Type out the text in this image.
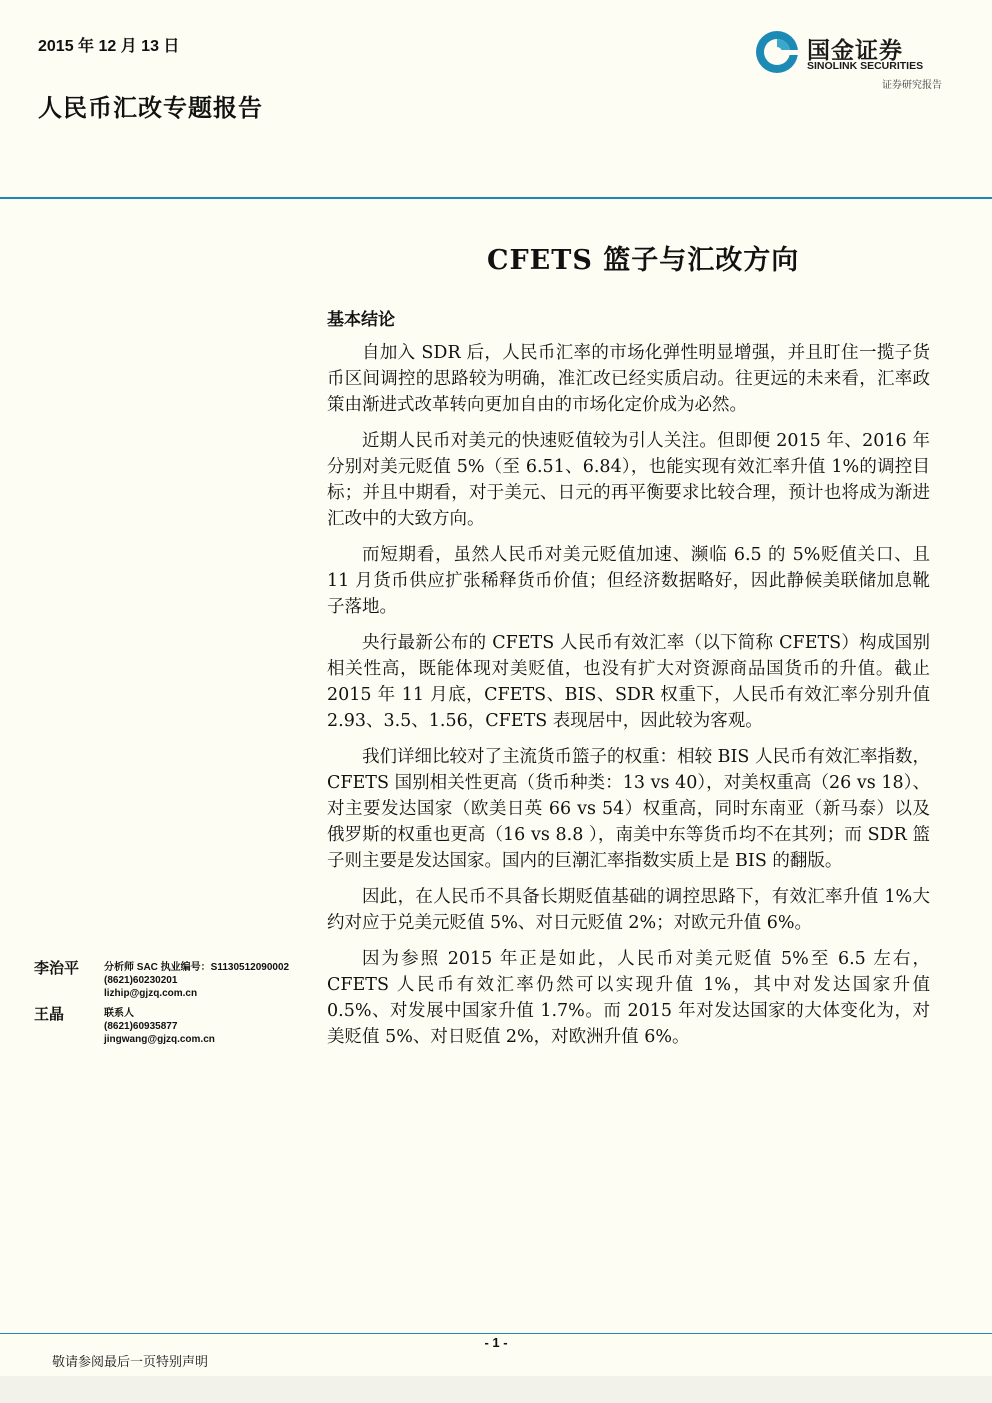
2015 年 12 月 13 日
人民币汇改专题报告
国金证券
SINOLINK SECURITIES
证券研究报告
CFETS 篮子与汇改方向
基本结论

自加入 SDR 后，人民币汇率的市场化弹性明显增强，并且盯住一揽子货币区间调控的思路较为明确，准汇改已经实质启动。往更远的未来看，汇率政策由渐进式改革转向更加自由的市场化定价成为必然。

近期人民币对美元的快速贬值较为引人关注。但即便 2015 年、2016 年分别对美元贬值 5%（至 6.51、6.84），也能实现有效汇率升值 1%的调控目标；并且中期看，对于美元、日元的再平衡要求比较合理，预计也将成为渐进汇改中的大致方向。

而短期看，虽然人民币对美元贬值加速、濒临 6.5 的 5%贬值关口、且 11 月货币供应扩张稀释货币价值；但经济数据略好，因此静候美联储加息靴子落地。

央行最新公布的 CFETS 人民币有效汇率（以下简称 CFETS）构成国别相关性高，既能体现对美贬值，也没有扩大对资源商品国货币的升值。截止 2015 年 11 月底，CFETS、BIS、SDR 权重下，人民币有效汇率分别升值 2.93、3.5、1.56，CFETS 表现居中，因此较为客观。

我们详细比较对了主流货币篮子的权重：相较 BIS 人民币有效汇率指数，CFETS 国别相关性更高（货币种类：13 vs 40），对美权重高（26 vs 18）、对主要发达国家（欧美日英 66 vs 54）权重高，同时东南亚（新马泰）以及俄罗斯的权重也更高（16 vs 8.8 ），南美中东等货币均不在其列；而 SDR 篮子则主要是发达国家。国内的巨潮汇率指数实质上是 BIS 的翻版。

因此，在人民币不具备长期贬值基础的调控思路下，有效汇率升值 1%大约对应于兑美元贬值 5%、对日元贬值 2%；对欧元升值 6%。

因为参照 2015 年正是如此，人民币对美元贬值 5%至 6.5 左右，CFETS 人民币有效汇率仍然可以实现升值 1%，其中对发达国家升值 0.5%、对发展中国家升值 1.7%。而 2015 年对发达国家的大体变化为，对美贬值 5%、对日贬值 2%，对欧洲升值 6%。

李治平 分析师 SAC 执业编号：S1130512090002
(8621)60230201
lizhip@gjzq.com.cn
王晶	联系人
(8621)60935877
jingwang@gjzq.com.cn
- 1 -
敬请参阅最后一页特别声明
